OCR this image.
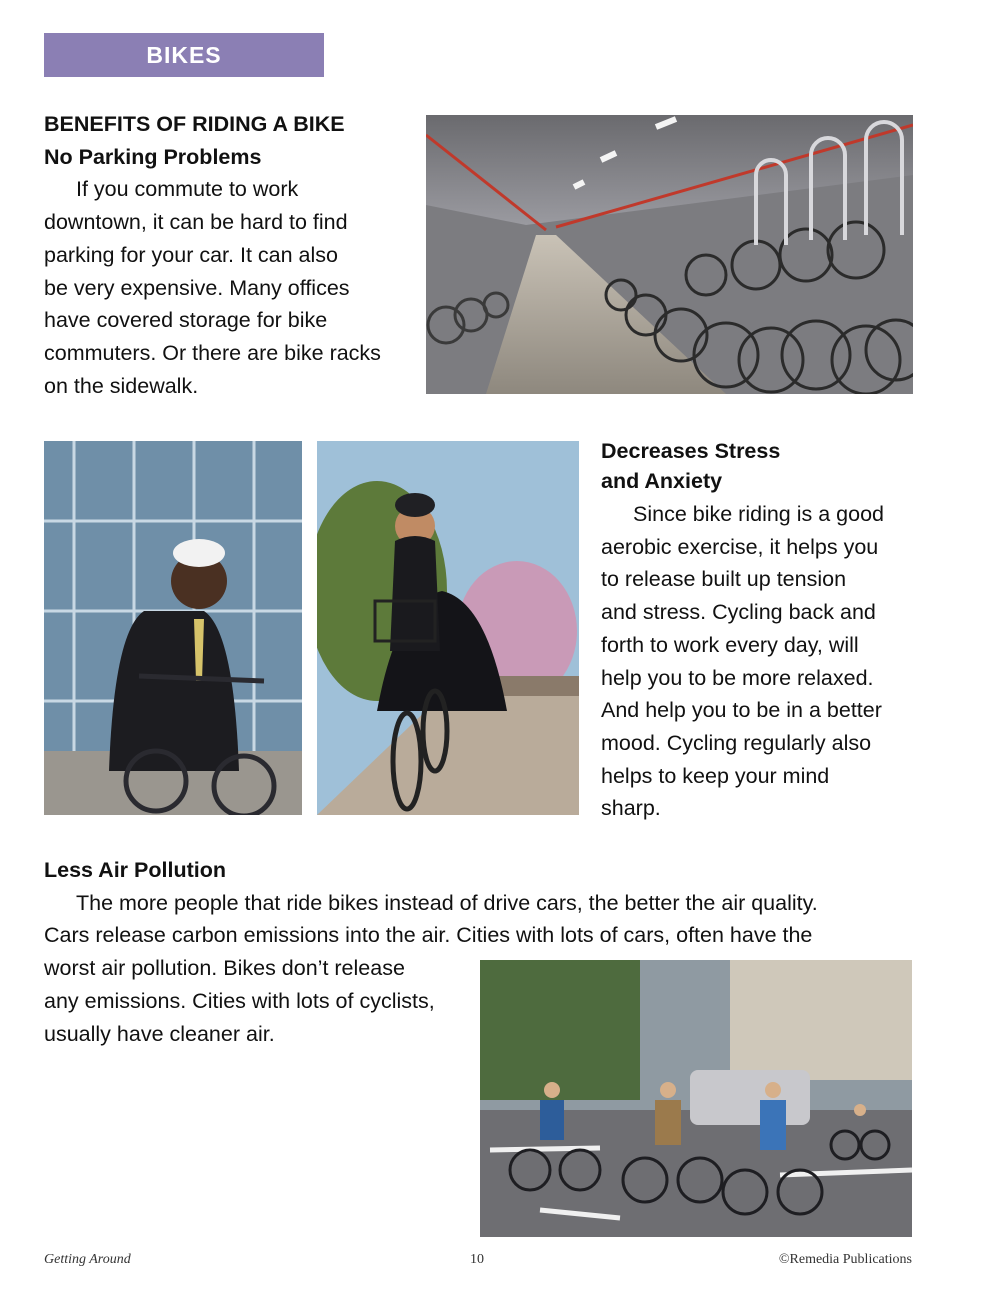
BIKES

BENEFITS OF RIDING A BIKE

No Parking Problems

If you commute to work

downtown, it can be hard to find

parking for your car. It can also

be very expensive. Many offices

have covered storage for bike

commuters. Or there are bike racks

on the sidewalk.

Decreases Stress

and Anxiety

Since bike riding is a good

aerobic exercise, it helps you

to release built up tension

and stress. Cycling back and

forth to work every day, will

help you to be more relaxed.

And help you to be in a better

mood. Cycling regularly also

helps to keep your mind

sharp.

Less Air Pollution

The more people that ride bikes instead of drive cars, the better the air quality.

Cars release carbon emissions into the air. Cities with lots of cars, often have the

worst air pollution. Bikes don’t release

any emissions. Cities with lots of cyclists,

usually have cleaner air.

Getting Around	10	©Remedia Publications
